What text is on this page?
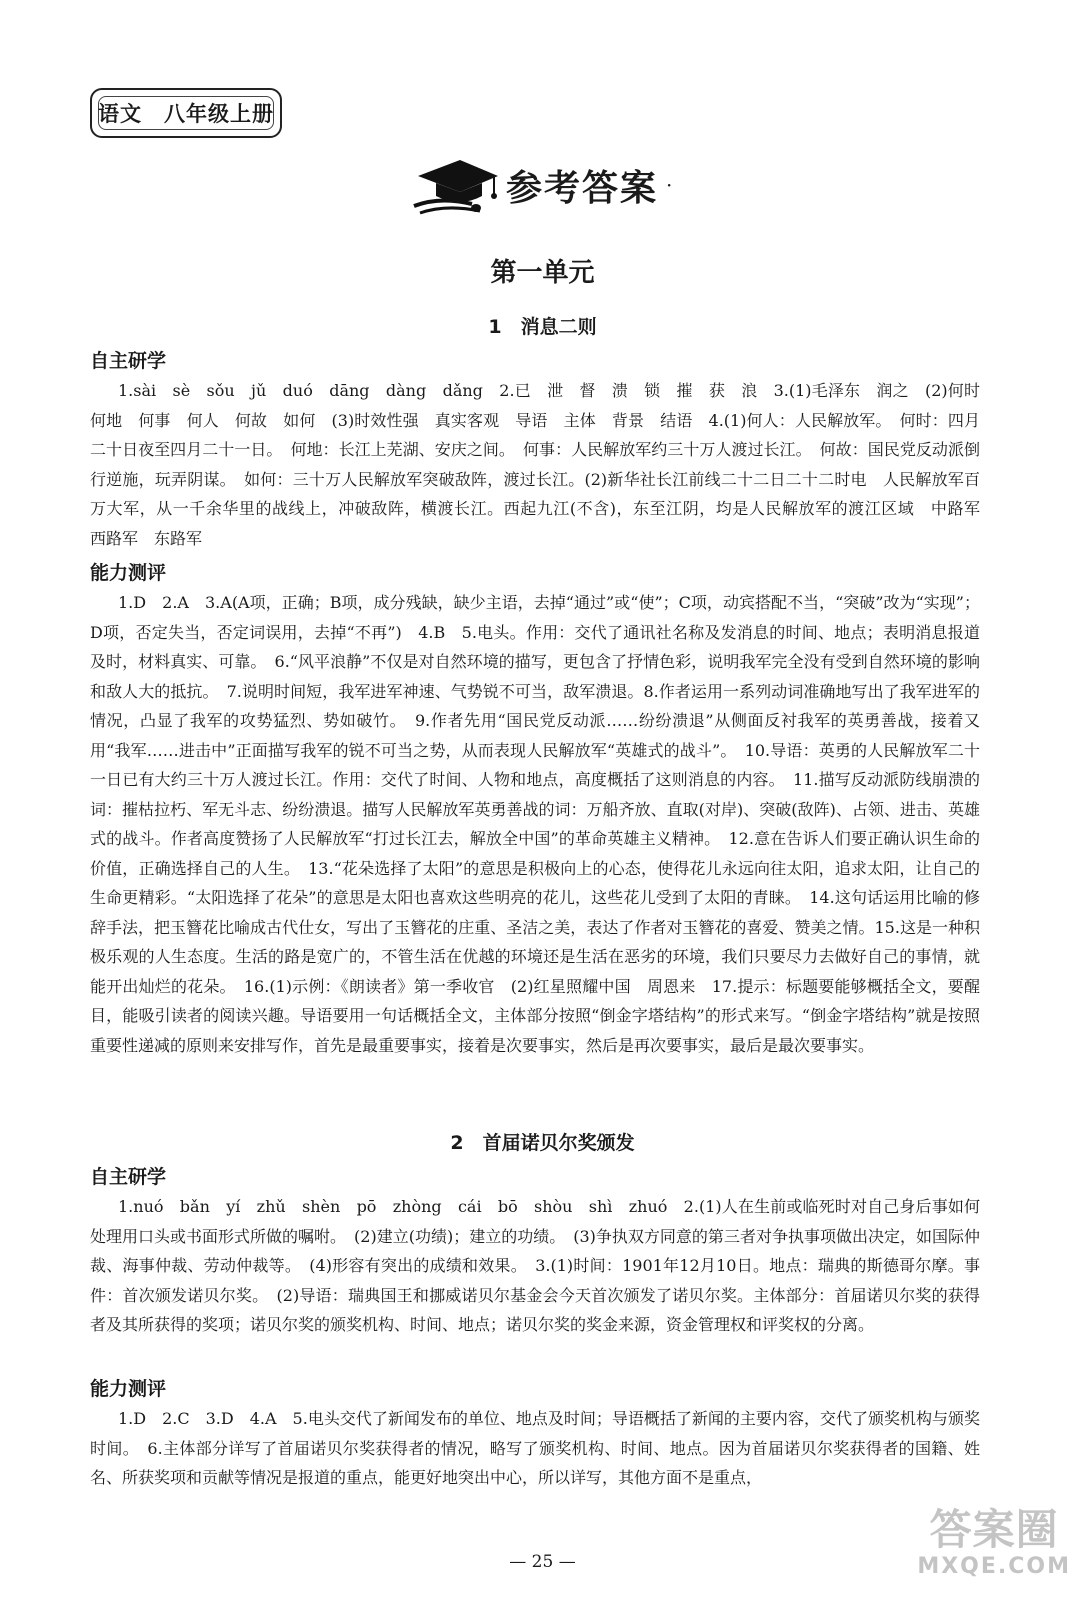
语文　八年级上册
参考答案 ·
第一单元
1　消息二则
自主研学
1.sài　sè　sǒu　jǔ　duó　dāng　dàng　dǎng　2.已　泄　督　溃　锁　摧　获　浪　3.(1)毛泽东　润之　(2)何时　何地　何事　何人　何故　如何　(3)时效性强　真实客观　导语　主体　背景　结语　4.(1)何人：人民解放军。　何时：四月二十日夜至四月二十一日。　何地：长江上芜湖、安庆之间。　何事：人民解放军约三十万人渡过长江。　何故：国民党反动派倒行逆施，玩弄阴谋。　如何：三十万人民解放军突破敌阵，渡过长江。(2)新华社长江前线二十二日二十二时电　人民解放军百万大军，从一千余华里的战线上，冲破敌阵，横渡长江。西起九江(不含)，东至江阴，均是人民解放军的渡江区域　中路军　西路军　东路军
能力测评
1.D　2.A　3.A(A项，正确；B项，成分残缺，缺少主语，去掉“通过”或“使”；C项，动宾搭配不当，“突破”改为“实现”；D项，否定失当，否定词误用，去掉“不再”)　4.B　5.电头。作用：交代了通讯社名称及发消息的时间、地点；表明消息报道及时，材料真实、可靠。　6.“风平浪静”不仅是对自然环境的描写，更包含了抒情色彩，说明我军完全没有受到自然环境的影响和敌人大的抵抗。　7.说明时间短，我军进军神速、气势锐不可当，敌军溃退。8.作者运用一系列动词准确地写出了我军进军的情况，凸显了我军的攻势猛烈、势如破竹。　9.作者先用“国民党反动派……纷纷溃退”从侧面反衬我军的英勇善战，接着又用“我军……进击中”正面描写我军的锐不可当之势，从而表现人民解放军“英雄式的战斗”。　10.导语：英勇的人民解放军二十一日已有大约三十万人渡过长江。作用：交代了时间、人物和地点，高度概括了这则消息的内容。　11.描写反动派防线崩溃的词：摧枯拉朽、军无斗志、纷纷溃退。描写人民解放军英勇善战的词：万船齐放、直取(对岸)、突破(敌阵)、占领、进击、英雄式的战斗。作者高度赞扬了人民解放军“打过长江去，解放全中国”的革命英雄主义精神。　12.意在告诉人们要正确认识生命的价值，正确选择自己的人生。　13.“花朵选择了太阳”的意思是积极向上的心态，使得花儿永远向往太阳，追求太阳，让自己的生命更精彩。“太阳选择了花朵”的意思是太阳也喜欢这些明亮的花儿，这些花儿受到了太阳的青睐。　14.这句话运用比喻的修辞手法，把玉簪花比喻成古代仕女，写出了玉簪花的庄重、圣洁之美，表达了作者对玉簪花的喜爱、赞美之情。15.这是一种积极乐观的人生态度。生活的路是宽广的，不管生活在优越的环境还是生活在恶劣的环境，我们只要尽力去做好自己的事情，就能开出灿烂的花朵。　16.(1)示例：《朗读者》第一季收官　(2)红星照耀中国　周恩来　17.提示：标题要能够概括全文，要醒目，能吸引读者的阅读兴趣。导语要用一句话概括全文，主体部分按照“倒金字塔结构”的形式来写。“倒金字塔结构”就是按照重要性递减的原则来安排写作，首先是最重要事实，接着是次要事实，然后是再次要事实，最后是最次要事实。
2　首届诺贝尔奖颁发
自主研学
1.nuó　bǎn　yí　zhǔ　shèn　pō　zhòng　cái　bō　shòu　shì　zhuó　2.(1)人在生前或临死时对自己身后事如何处理用口头或书面形式所做的嘱咐。　(2)建立(功绩)；建立的功绩。　(3)争执双方同意的第三者对争执事项做出决定，如国际仲裁、海事仲裁、劳动仲裁等。　(4)形容有突出的成绩和效果。　3.(1)时间：1901年12月10日。地点：瑞典的斯德哥尔摩。事件：首次颁发诺贝尔奖。　(2)导语：瑞典国王和挪威诺贝尔基金会今天首次颁发了诺贝尔奖。主体部分：首届诺贝尔奖的获得者及其所获得的奖项；诺贝尔奖的颁奖机构、时间、地点；诺贝尔奖的奖金来源，资金管理权和评奖权的分离。
能力测评
1.D　2.C　3.D　4.A　5.电头交代了新闻发布的单位、地点及时间；导语概括了新闻的主要内容，交代了颁奖机构与颁奖时间。　6.主体部分详写了首届诺贝尔奖获得者的情况，略写了颁奖机构、时间、地点。因为首届诺贝尔奖获得者的国籍、姓名、所获奖项和贡献等情况是报道的重点，能更好地突出中心，所以详写，其他方面不是重点，
— 25 —
答案圈
MXQE.COM
